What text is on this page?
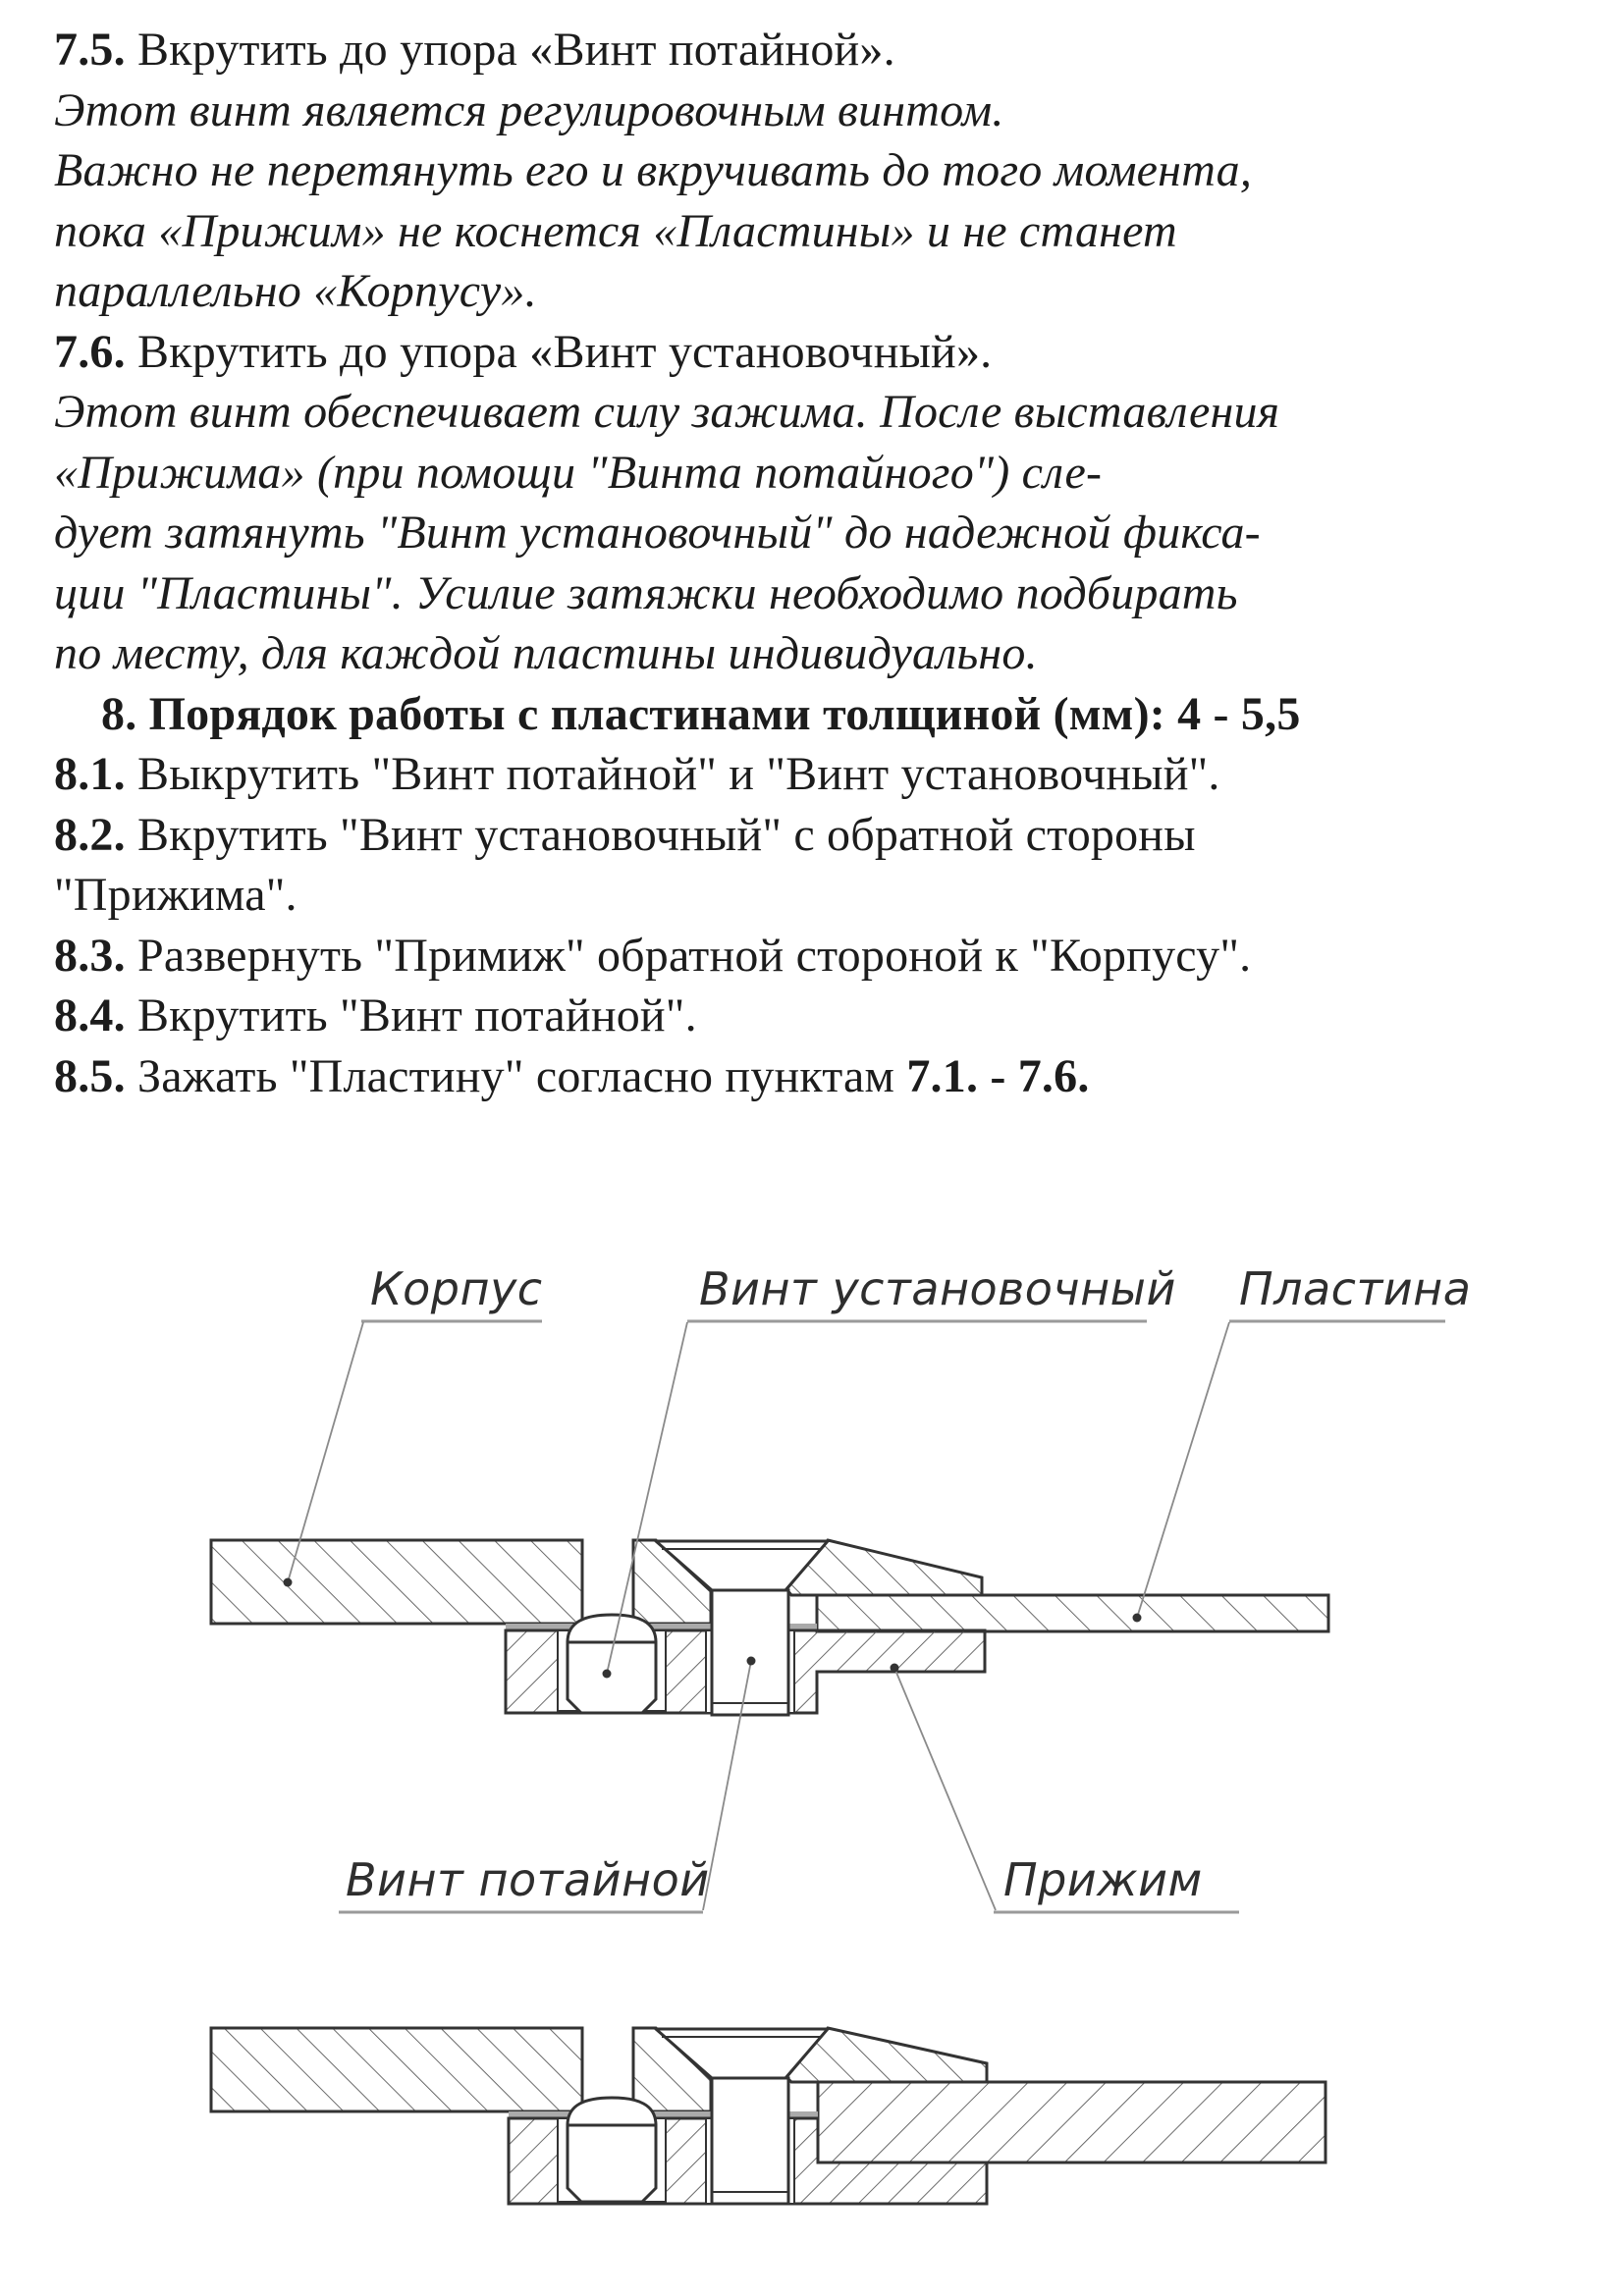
7.5. Вкрутить до упора «Винт потайной».
Этот винт является регулировочным винтом.
Важно не перетянуть его и вкручивать до того момента,
пока «Прижим» не коснется «Пластины» и не станет
параллельно «Корпусу».
7.6. Вкрутить до упора «Винт установочный».
Этот винт обеспечивает силу зажима. После выставления
«Прижима» (при помощи "Винта потайного") сле-
дует затянуть "Винт установочный" до надежной фикса-
ции "Пластины". Усилие затяжки необходимо подбирать
по месту, для каждой пластины индивидуально.
8. Порядок работы с пластинами толщиной (мм): 4 - 5,5
8.1. Выкрутить "Винт потайной" и "Винт установочный".
8.2. Вкрутить "Винт установочный" с обратной стороны
"Прижима".
8.3. Развернуть "Примиж" обратной стороной к "Корпусу".
8.4. Вкрутить "Винт потайной".
8.5. Зажать "Пластину" согласно пунктам 7.1. - 7.6.
Корпус	Винт установочный Пластина
Винт потайной	Прижим
